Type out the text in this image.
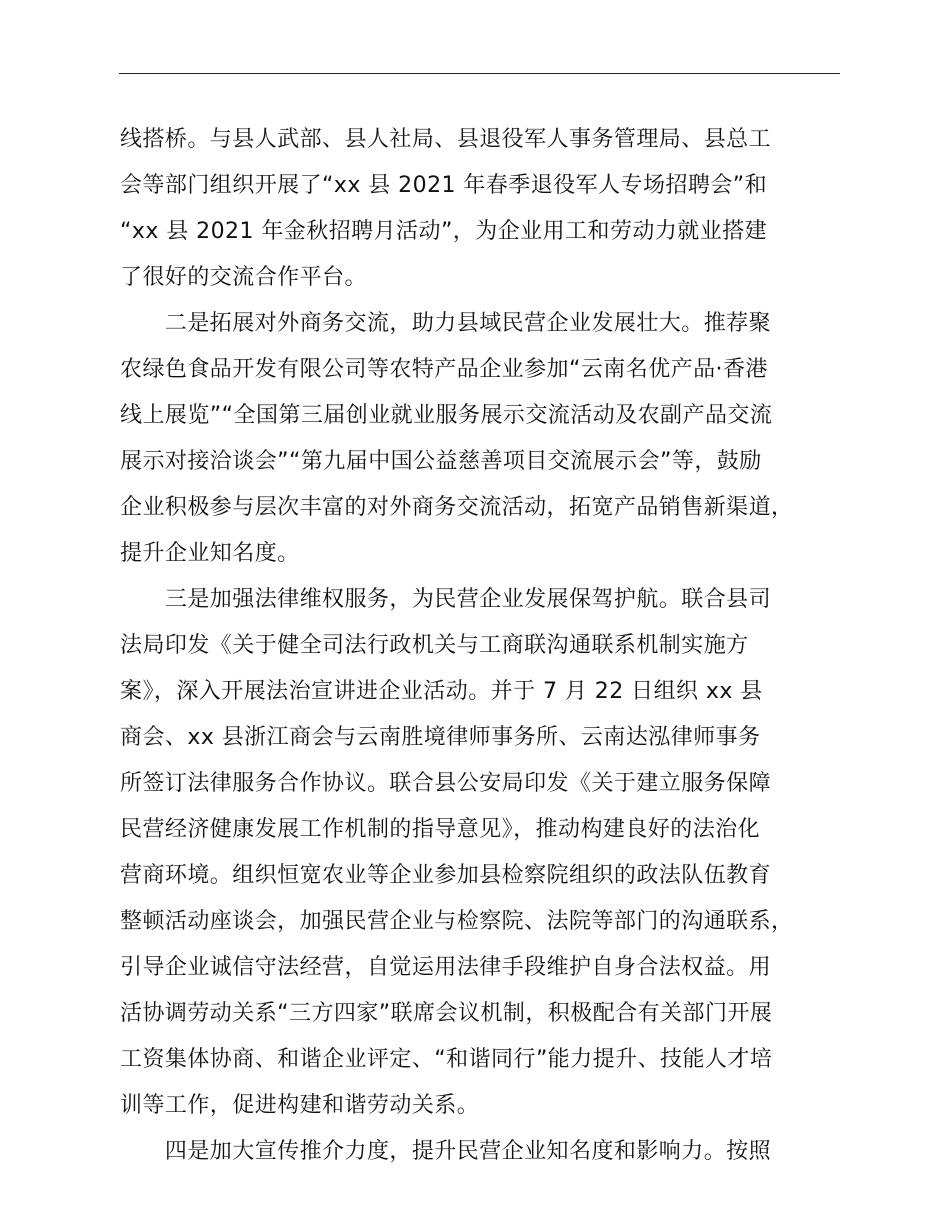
线搭桥。与县人武部、县人社局、县退役军人事务管理局、县总工
会等部门组织开展了“xx 县 2021 年春季退役军人专场招聘会”和
“xx 县 2021 年金秋招聘月活动”，为企业用工和劳动力就业搭建
了很好的交流合作平台。
　　二是拓展对外商务交流，助力县域民营企业发展壮大。推荐聚
农绿色食品开发有限公司等农特产品企业参加“云南名优产品·香港
线上展览”“全国第三届创业就业服务展示交流活动及农副产品交流
展示对接洽谈会”“第九届中国公益慈善项目交流展示会”等，鼓励
企业积极参与层次丰富的对外商务交流活动，拓宽产品销售新渠道，
提升企业知名度。
　　三是加强法律维权服务，为民营企业发展保驾护航。联合县司
法局印发《关于健全司法行政机关与工商联沟通联系机制实施方
案》，深入开展法治宣讲进企业活动。并于 7 月 22 日组织 xx 县
商会、xx 县浙江商会与云南胜境律师事务所、云南达泓律师事务
所签订法律服务合作协议。联合县公安局印发《关于建立服务保障
民营经济健康发展工作机制的指导意见》，推动构建良好的法治化
营商环境。组织恒宽农业等企业参加县检察院组织的政法队伍教育
整顿活动座谈会，加强民营企业与检察院、法院等部门的沟通联系，
引导企业诚信守法经营，自觉运用法律手段维护自身合法权益。用
活协调劳动关系“三方四家”联席会议机制，积极配合有关部门开展
工资集体协商、和谐企业评定、“和谐同行”能力提升、技能人才培
训等工作，促进构建和谐劳动关系。
　　四是加大宣传推介力度，提升民营企业知名度和影响力。按照
